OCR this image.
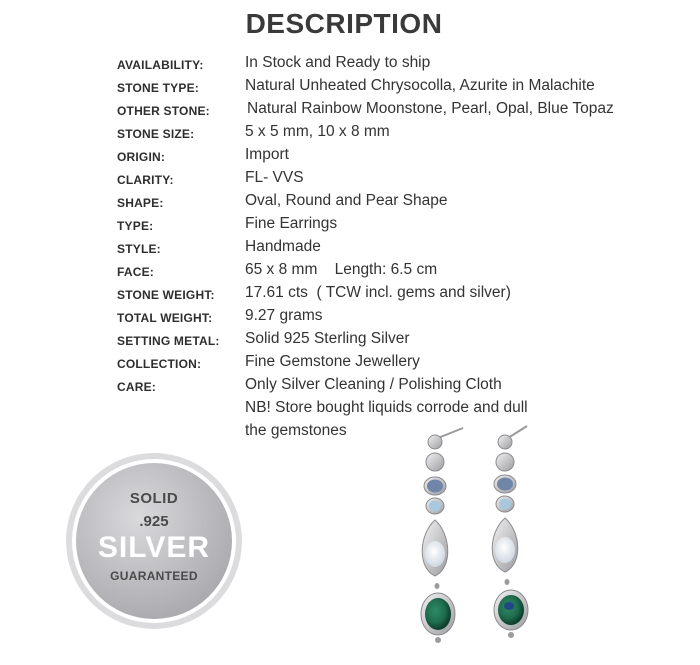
DESCRIPTION
AVAILABILITY:	In Stock and Ready to ship
STONE TYPE:	Natural Unheated Chrysocolla, Azurite in Malachite
OTHER STONE: Natural Rainbow Moonstone, Pearl, Opal, Blue Topaz
STONE SIZE:	5 x 5 mm, 10 x 8 mm
ORIGIN:	Import
CLARITY:	FL- VVS
SHAPE:	Oval, Round and Pear Shape
TYPE:	Fine Earrings
STYLE:	Handmade
FACE:	65 x 8 mm    Length: 6.5 cm
STONE WEIGHT: 17.61 cts  ( TCW incl. gems and silver)
TOTAL WEIGHT: 9.27 grams
SETTING METAL: Solid 925 Sterling Silver
COLLECTION:	Fine Gemstone Jewellery
CARE:	Only Silver Cleaning / Polishing Cloth
NB! Store bought liquids corrode and dull
the gemstones
SOLID
.925
SILVER
GUARANTEED
